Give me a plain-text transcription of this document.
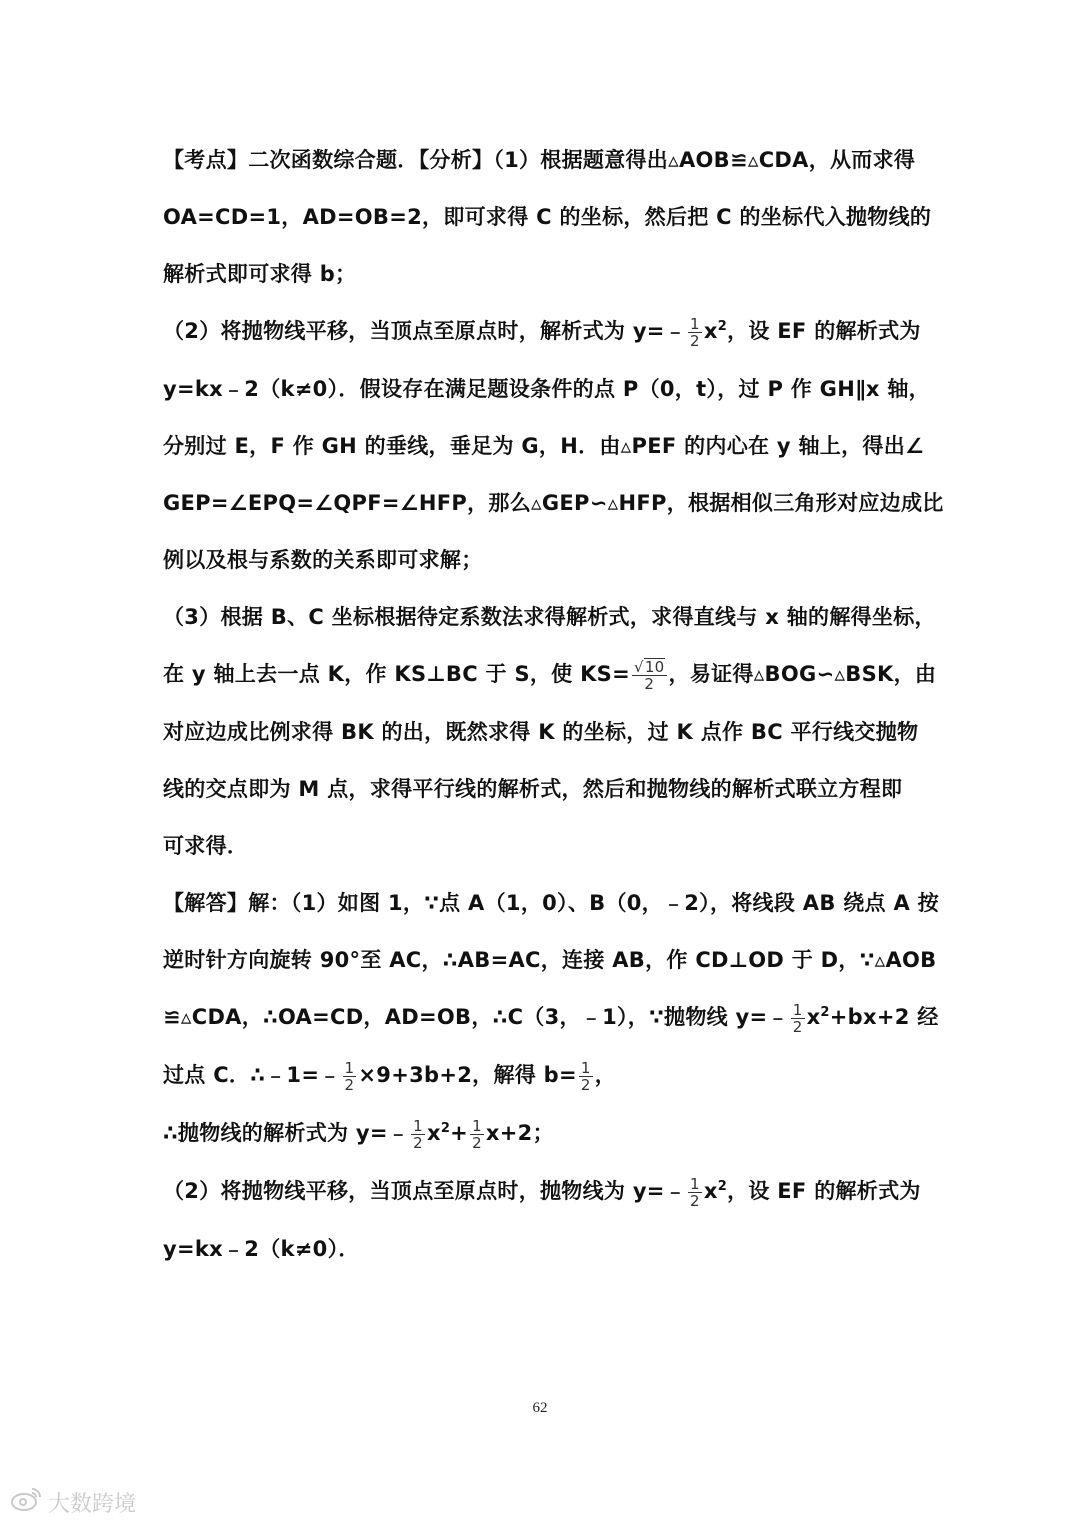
【考点】二次函数综合题．【分析】（1）根据题意得出▵AOB≌▵CDA，从而求得
OA=CD=1，AD=OB=2，即可求得 C 的坐标，然后把 C 的坐标代入抛物线的
解析式即可求得 b；
（2）将抛物线平移，当顶点至原点时，解析式为 y=﹣ $\frac{1}{2} x^2$，设 EF 的解析式为
y=kx﹣2（k≠0）．假设存在满足题设条件的点 P（0，t），过 P 作 GH∥x 轴，
分别过 E，F 作 GH 的垂线，垂足为 G，H．由▵PEF 的内心在 y 轴上，得出∠
GEP=∠EPQ=∠QPF=∠HFP，那么▵GEP∽▵HFP，根据相似三角形对应边成比
例以及根与系数的关系即可求解；
（3）根据 B、C 坐标根据待定系数法求得解析式，求得直线与 x 轴的解得坐标，
在 y 轴上去一点 K，作 KS⊥BC 于 S，使 $KS= \frac{√10}{2}$ ，易证得▵BOG∽▵BSK，由
对应边成比例求得 BK 的出，既然求得 K 的坐标，过 K 点作 BC 平行线交抛物
线的交点即为 M 点，求得平行线的解析式，然后和抛物线的解析式联立方程即
可求得．
【解答】解：（1）如图 1，∵点 A（1，0）、B（0，﹣2），将线段 AB 绕点 A 按
逆时针方向旋转 90°至 AC，∴AB=AC，连接 AB，作 CD⊥OD 于 D，∵▵AOB
≌▵CDA，∴OA=CD，AD=OB，∴C（3，﹣1），∵抛物线 y=﹣ $\frac{1}{2} x^2+bx+2$ 经
过点 C．∴﹣1=﹣ $\frac{1}{2} \times 9+3b+2$，解得 $b= \frac{1}{2}$ ，
∴抛物线的解析式为 y=﹣ $\frac{1}{2} x^2+ \frac{1}{2} x+2$；
（2）将抛物线平移，当顶点至原点时，抛物线为 y=﹣ $\frac{1}{2} x^2$，设 EF 的解析式为
y=kx﹣2（k≠0）．
62
大数跨境
